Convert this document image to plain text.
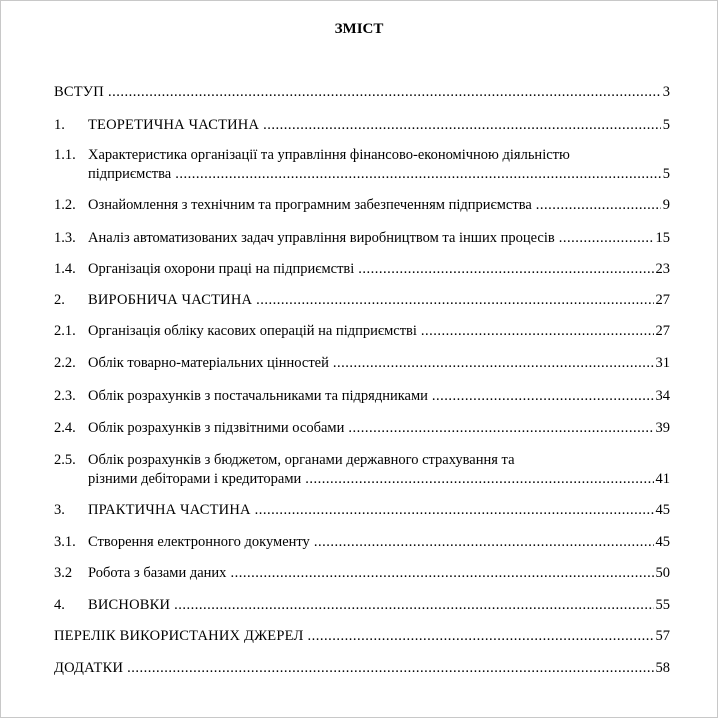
ЗМІСТ
ВСТУП .....	3
1.	ТЕОРЕТИЧНА ЧАСТИНА .....	5
1.1. Характеристика організації та управління фінансово-економічною діяльністю
підприємства .....	5
1.2. Ознайомлення з технічним та програмним забезпеченням підприємства .....	9
1.3. Аналіз автоматизованих задач управління виробництвом та інших процесів .....	15
1.4. Організація охорони праці на підприємстві .....	23
2.	ВИРОБНИЧА ЧАСТИНА .....	27
2.1. Організація обліку касових операцій на підприємстві .....	27
2.2. Облік товарно-матеріальних цінностей .....	31
2.3. Облік розрахунків з постачальниками та підрядниками .....	34
2.4. Облік розрахунків з підзвітними особами .....	39
2.5. Облік розрахунків з бюджетом, органами державного страхування та
різними дебіторами і кредиторами .....	41
3.	ПРАКТИЧНА ЧАСТИНА .....	45
3.1. Створення електронного документу .....	45
3.2	Робота з базами даних .....	50
4.	ВИСНОВКИ .....	55
ПЕРЕЛІК ВИКОРИСТАНИХ ДЖЕРЕЛ .....	57
ДОДАТКИ .....	58
